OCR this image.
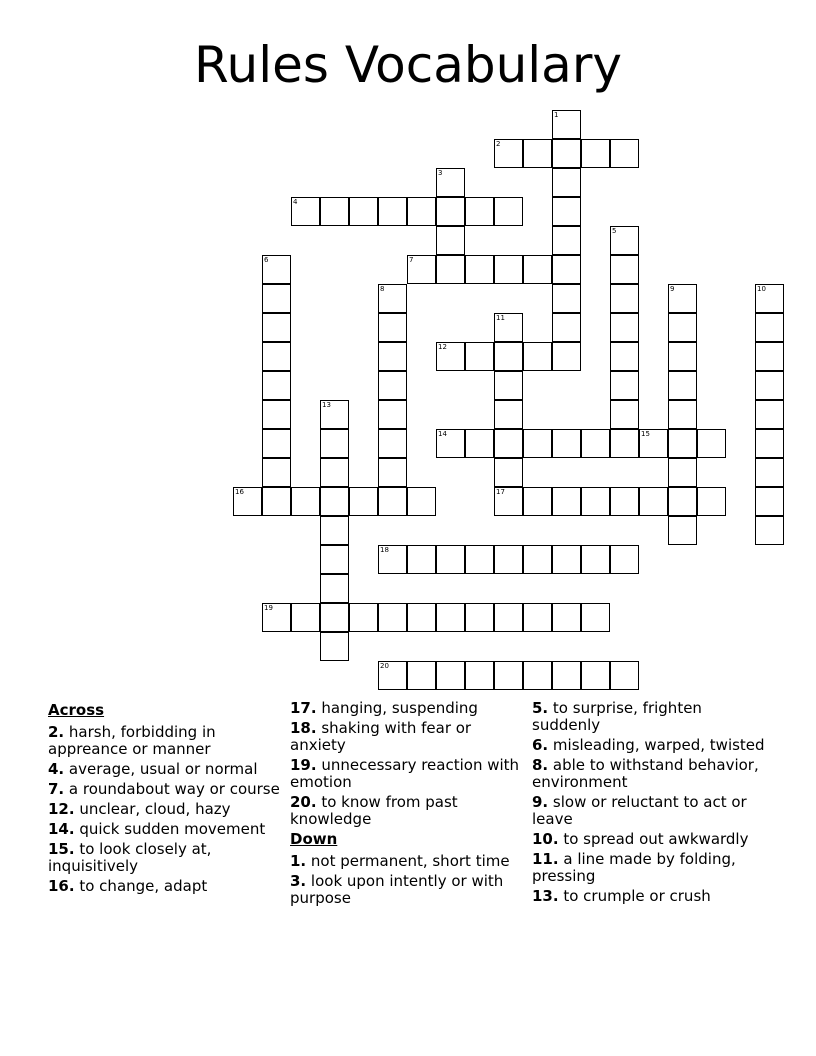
Rules Vocabulary
2
4
7
12
14	15
16	17
18
19
20
1
3
5
6
8	9	10
11
13
Across
2. harsh, forbidding in appreance or manner
4. average, usual or normal
7. a roundabout way or course
12. unclear, cloud, hazy
14. quick sudden movement
15. to look closely at, inquisitively
16. to change, adapt
17. hanging, suspending
18. shaking with fear or anxiety
19. unnecessary reaction with emotion
20. to know from past knowledge
Down
1. not permanent, short time
3. look upon intently or with purpose
5. to surprise, frighten suddenly
6. misleading, warped, twisted
8. able to withstand behavior, environment
9. slow or reluctant to act or leave
10. to spread out awkwardly
11. a line made by folding, pressing
13. to crumple or crush
